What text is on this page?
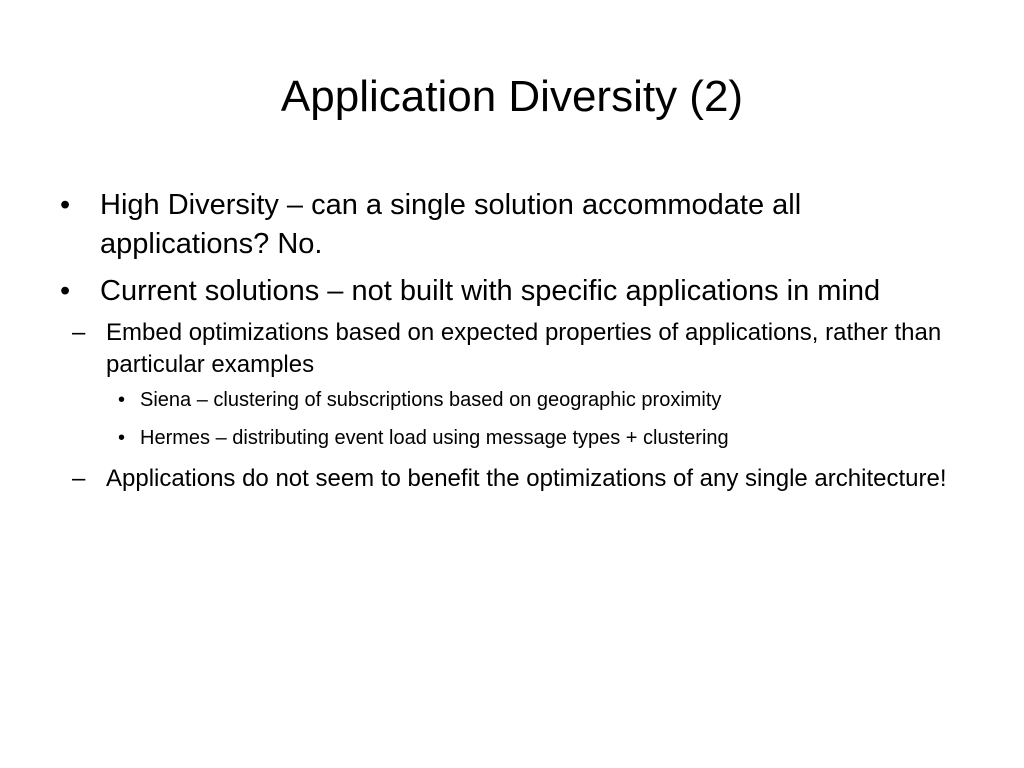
Application Diversity (2)
• High Diversity – can a single solution accommodate all applications? No.
• Current solutions – not built with specific applications in mind
– Embed optimizations based on expected properties of applications, rather than particular examples
• Siena – clustering of subscriptions based on geographic proximity
• Hermes – distributing event load using message types + clustering
– Applications do not seem to benefit the optimizations of any single architecture!
